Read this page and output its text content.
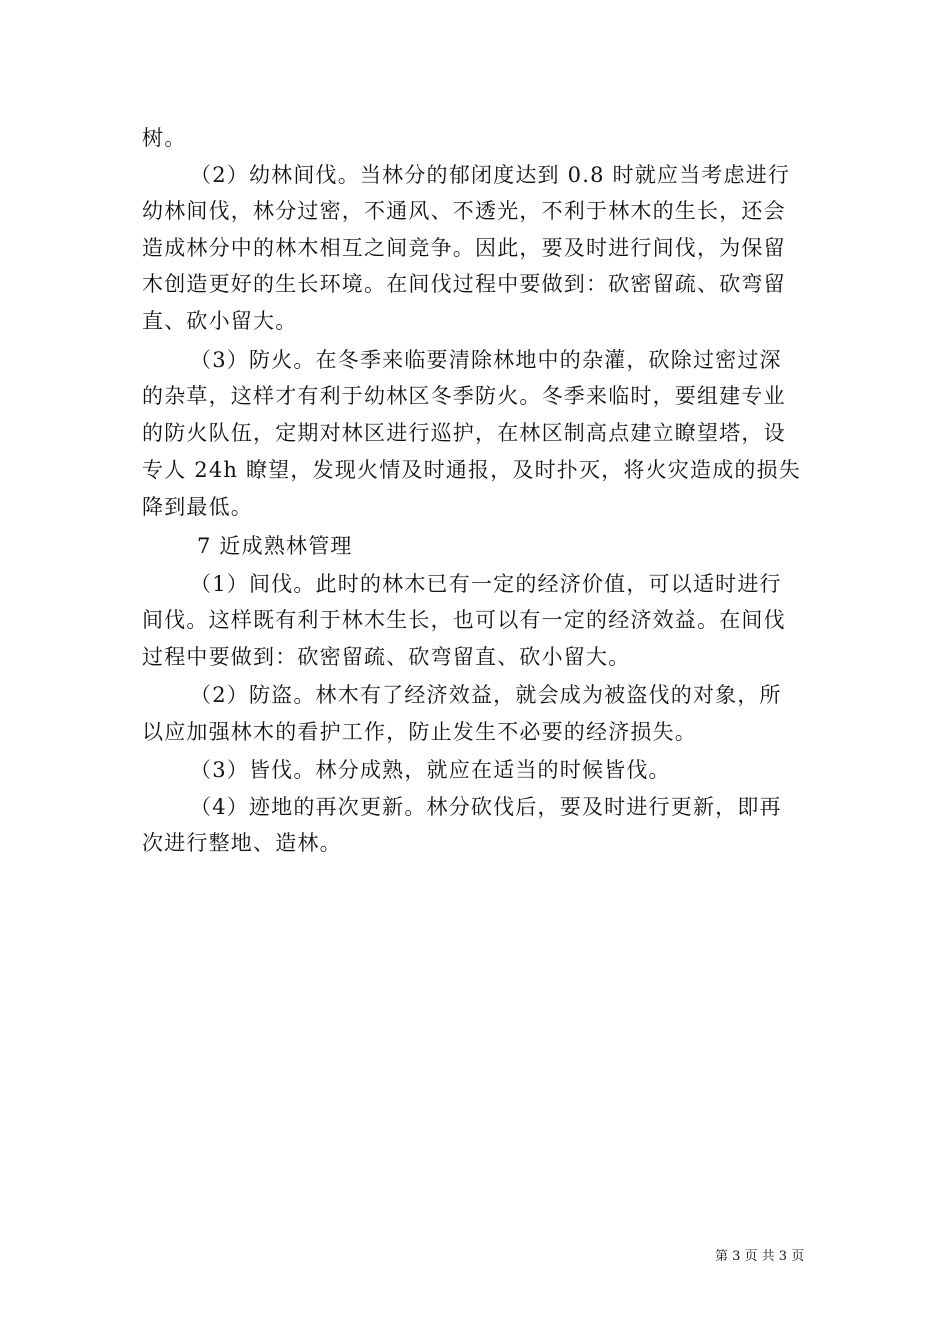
树。
（2）幼林间伐。当林分的郁闭度达到 0.8 时就应当考虑进行
幼林间伐，林分过密，不通风、不透光，不利于林木的生长，还会
造成林分中的林木相互之间竞争。因此，要及时进行间伐，为保留
木创造更好的生长环境。在间伐过程中要做到：砍密留疏、砍弯留
直、砍小留大。
（3）防火。在冬季来临要清除林地中的杂灌，砍除过密过深
的杂草，这样才有利于幼林区冬季防火。冬季来临时，要组建专业
的防火队伍，定期对林区进行巡护，在林区制高点建立瞭望塔，设
专人 24h 瞭望，发现火情及时通报，及时扑灭，将火灾造成的损失
降到最低。
7 近成熟林管理
（1）间伐。此时的林木已有一定的经济价值，可以适时进行
间伐。这样既有利于林木生长，也可以有一定的经济效益。在间伐
过程中要做到：砍密留疏、砍弯留直、砍小留大。
（2）防盗。林木有了经济效益，就会成为被盗伐的对象，所
以应加强林木的看护工作，防止发生不必要的经济损失。
（3）皆伐。林分成熟，就应在适当的时候皆伐。
（4）迹地的再次更新。林分砍伐后，要及时进行更新，即再
次进行整地、造林。
第 3 页 共 3 页
